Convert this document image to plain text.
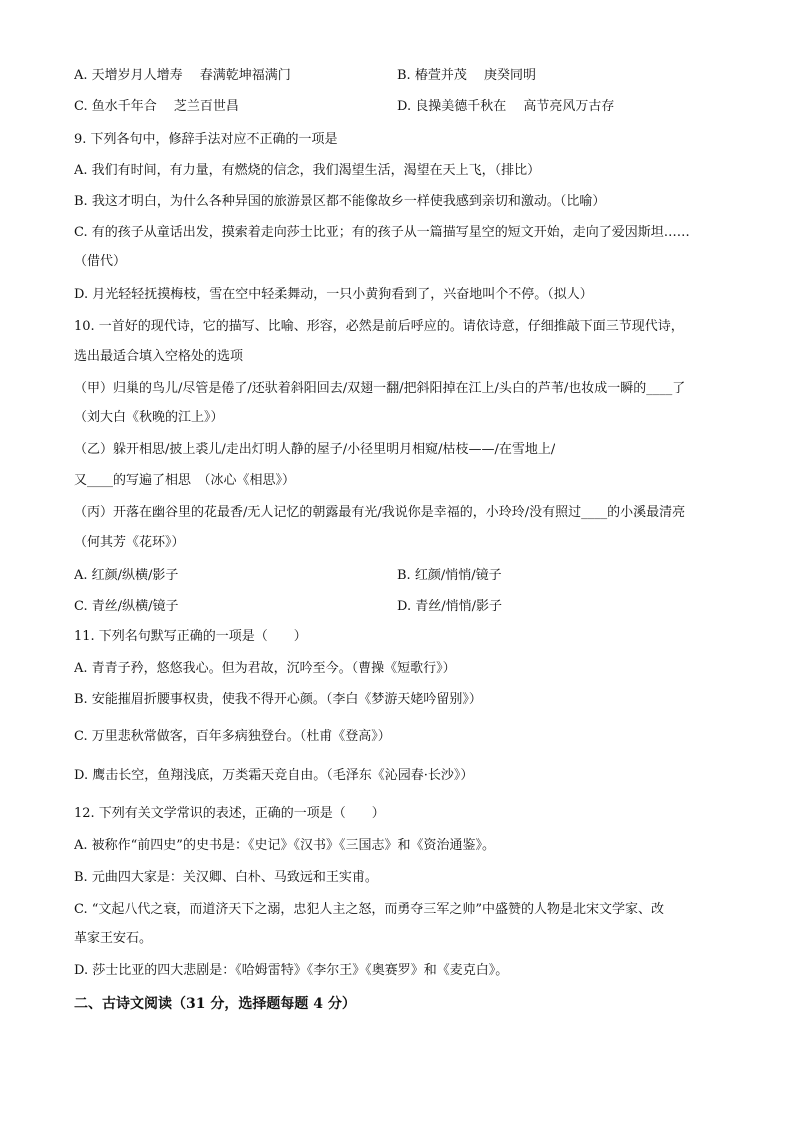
A. 天增岁月人增寿　 春满乾坤福满门	B. 椿萱并茂　 庚癸同明
C. 鱼水千年合　 芝兰百世昌	D. 良操美德千秋在　 高节亮风万古存
9. 下列各句中，修辞手法对应不正确的一项是
A. 我们有时间，有力量，有燃烧的信念，我们渴望生活，渴望在天上飞，（排比）
B. 我这才明白，为什么各种异国的旅游景区都不能像故乡一样使我感到亲切和激动。（比喻）
C. 有的孩子从童话出发，摸索着走向莎士比亚；有的孩子从一篇描写星空的短文开始，走向了爱因斯坦……
（借代）
D. 月光轻轻抚摸梅枝，雪在空中轻柔舞动，一只小黄狗看到了，兴奋地叫个不停。（拟人）
10. 一首好的现代诗，它的描写、比喻、形容，必然是前后呼应的。请依诗意，仔细推敲下面三节现代诗，
选出最适合填入空格处的选项
（甲）归巢的鸟儿/尽管是倦了/还驮着斜阳回去/双翅一翻/把斜阳掉在江上/头白的芦苇/也妆成一瞬的____了
（刘大白《秋晚的江上》）
（乙）躲开相思/披上裘儿/走出灯明人静的屋子/小径里明月相窥/枯枝——/在雪地上/
又____的写遍了相思　（冰心《相思》）
（丙）开落在幽谷里的花最香/无人记忆的朝露最有光/我说你是幸福的，小玲玲/没有照过____的小溪最清亮
（何其芳《花环》）
A. 红颜/纵横/影子	B. 红颜/悄悄/镜子
C. 青丝/纵横/镜子	D. 青丝/悄悄/影子
11. 下列名句默写正确的一项是（　　）
A. 青青子矜，悠悠我心。但为君故，沉吟至今。（曹操《短歌行》）
B. 安能摧眉折腰事权贵，使我不得开心颜。（李白《梦游天姥吟留别》）
C. 万里悲秋常做客，百年多病独登台。（杜甫《登高》）
D. 鹰击长空，鱼翔浅底，万类霜天竞自由。（毛泽东《沁园春·长沙》）
12. 下列有关文学常识的表述，正确的一项是（　　）
A. 被称作“前四史”的史书是：《史记》《汉书》《三国志》和《资治通鉴》。
B. 元曲四大家是：关汉卿、白朴、马致远和王实甫。
C. “文起八代之衰，而道济天下之溺，忠犯人主之怒，而勇夺三军之帅”中盛赞的人物是北宋文学家、改
革家王安石。
D. 莎士比亚的四大悲剧是：《哈姆雷特》《李尔王》《奥赛罗》和《麦克白》。
二、古诗文阅读（31 分，选择题每题 4 分）
